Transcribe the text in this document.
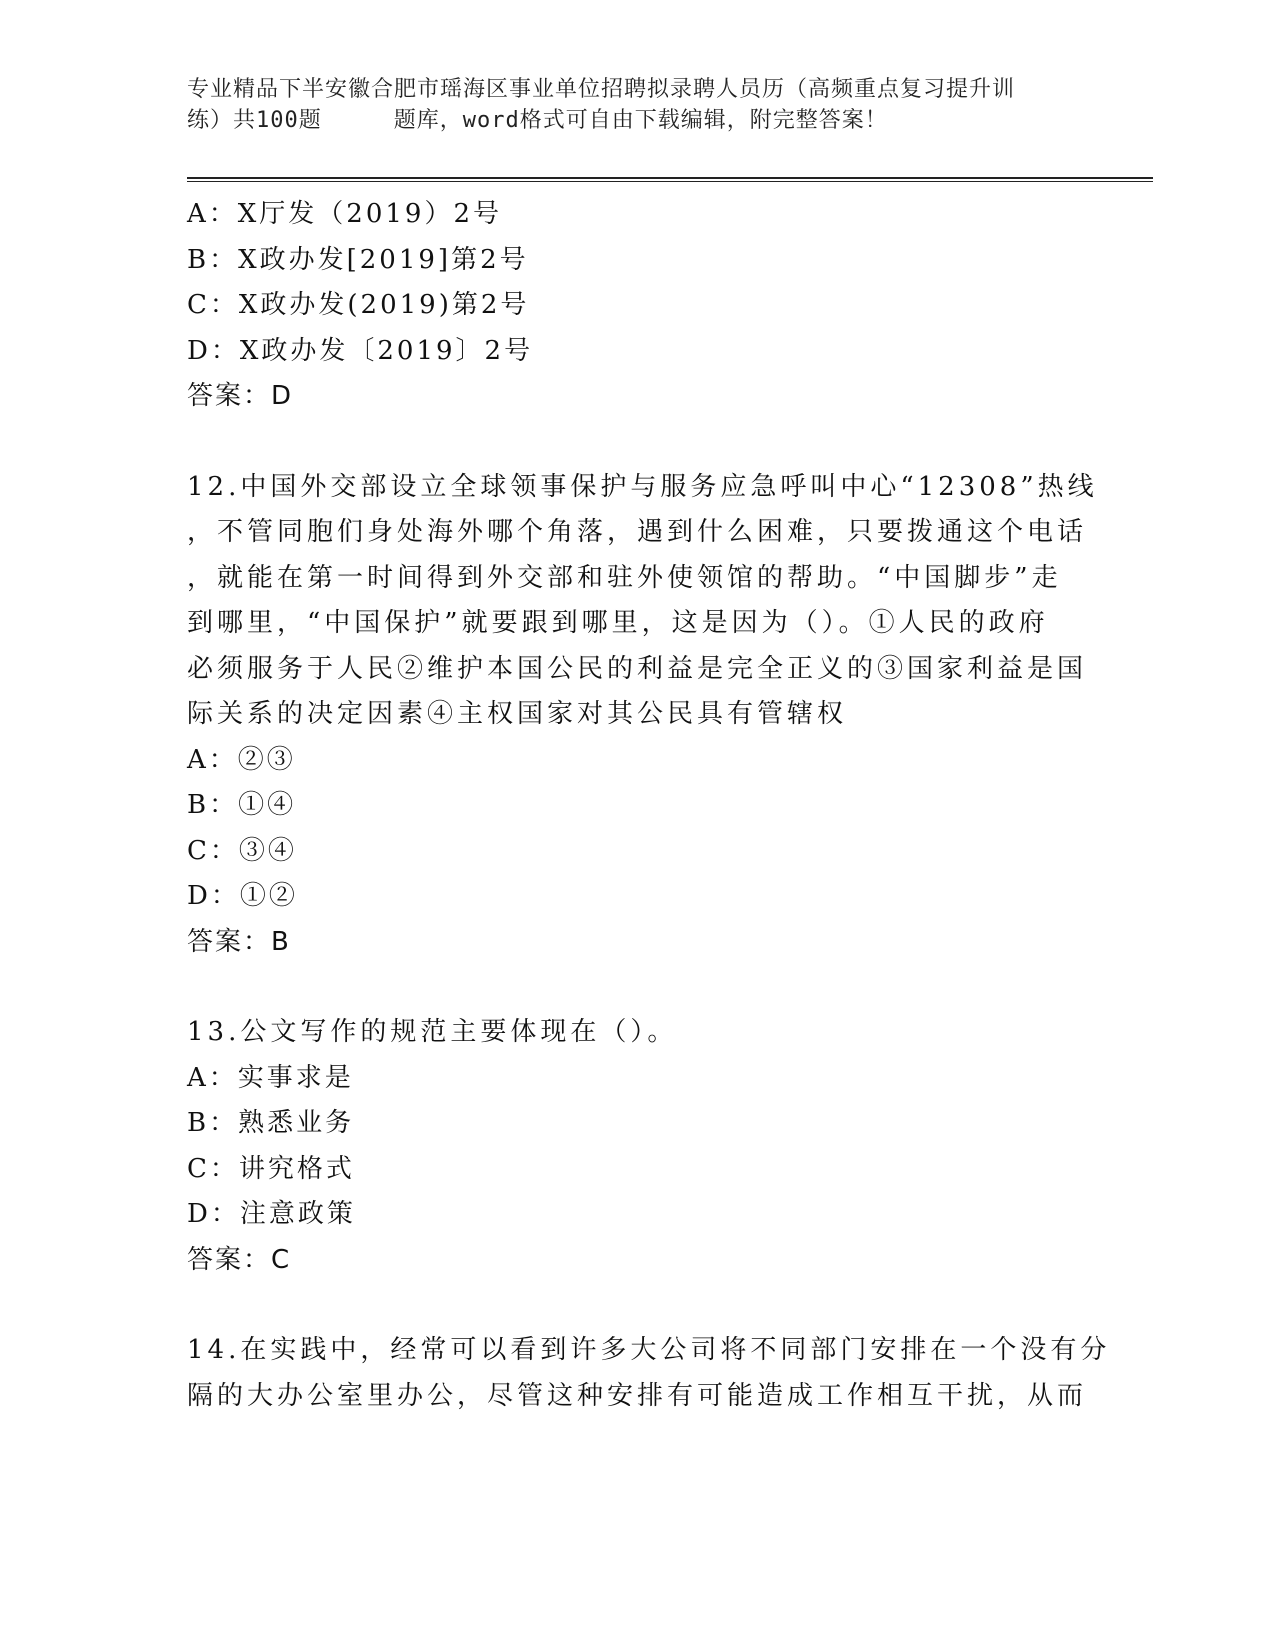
专业精品下半安徽合肥市瑶海区事业单位招聘拟录聘人员历（高频重点复习提升训
练）共100题	题库，word格式可自由下载编辑，附完整答案！
A：X厅发（2019）2号
B：X政办发[2019]第2号
C：X政办发(2019)第2号
D：X政办发〔2019〕2号
答案：D
12.中国外交部设立全球领事保护与服务应急呼叫中心“12308”热线
，不管同胞们身处海外哪个角落，遇到什么困难，只要拨通这个电话
，就能在第一时间得到外交部和驻外使领馆的帮助。“中国脚步”走
到哪里，“中国保护”就要跟到哪里，这是因为（）。①人民的政府
必须服务于人民②维护本国公民的利益是完全正义的③国家利益是国
际关系的决定因素④主权国家对其公民具有管辖权
A：②③
B：①④
C：③④
D：①②
答案：B
13.公文写作的规范主要体现在（）。
A：实事求是
B：熟悉业务
C：讲究格式
D：注意政策
答案：C
14.在实践中，经常可以看到许多大公司将不同部门安排在一个没有分
隔的大办公室里办公，尽管这种安排有可能造成工作相互干扰，从而
